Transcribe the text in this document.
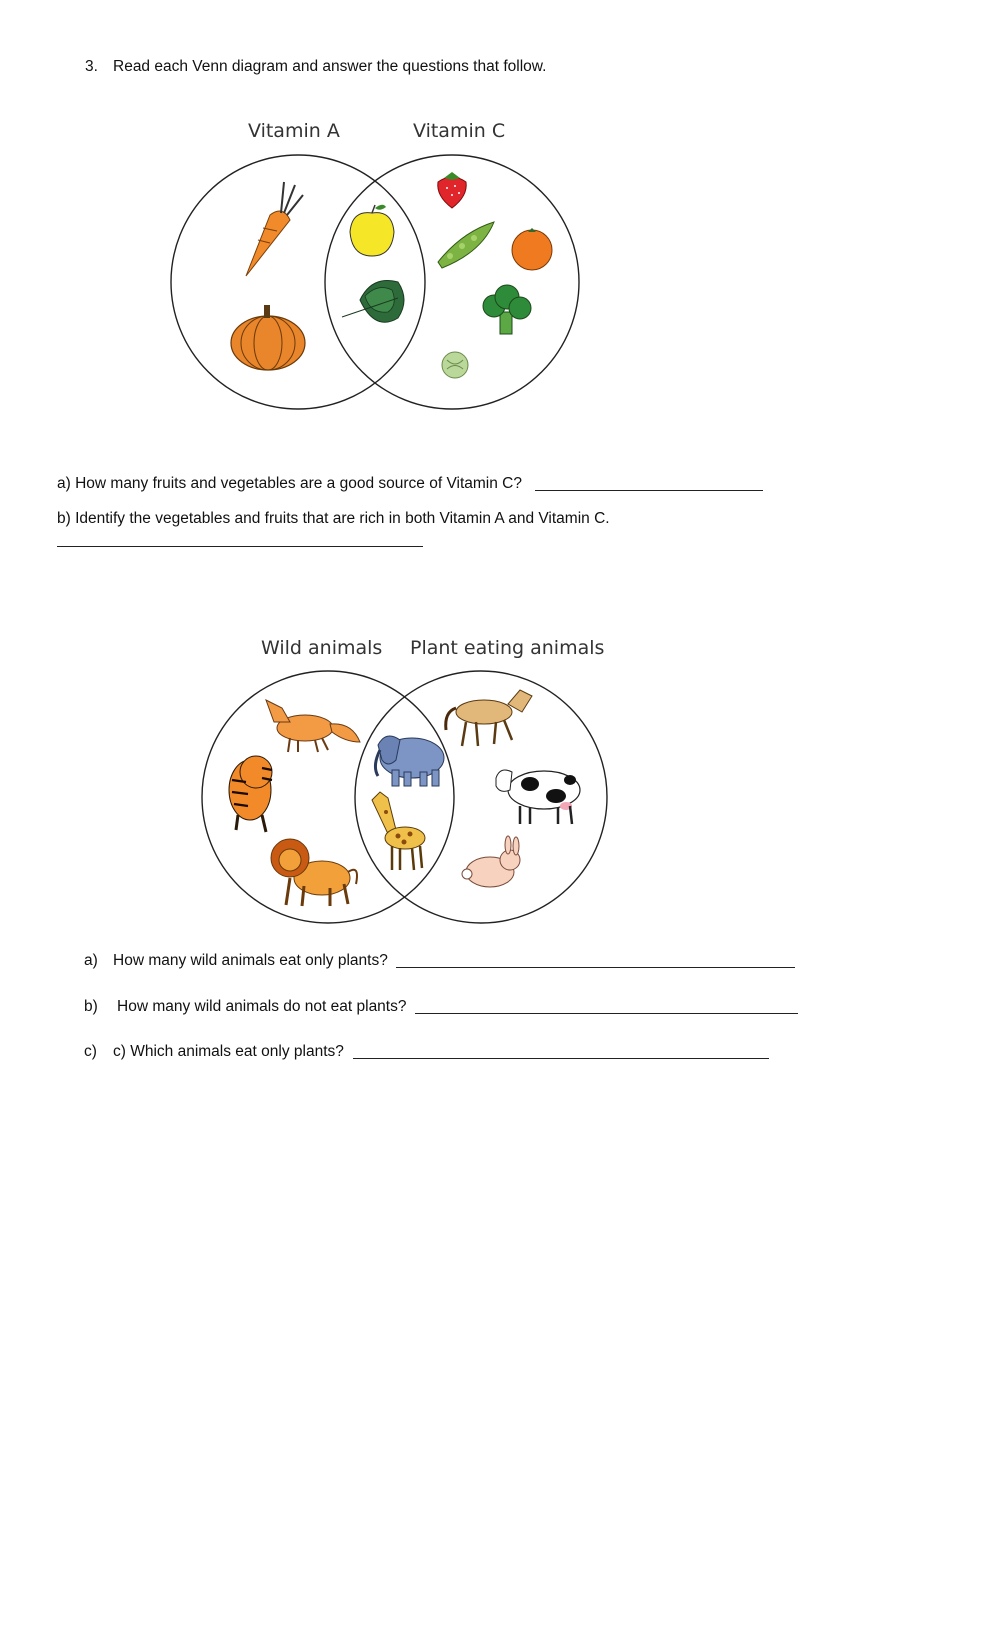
3. Read each Venn diagram and answer the questions that follow.
Vitamin A	Vitamin C
a) How many fruits and vegetables are a good source of Vitamin C?
b) Identify the vegetables and fruits that are rich in both Vitamin A and Vitamin C.
Wild animals Plant eating animals
a) How many wild animals eat only plants?
b) How many wild animals do not eat plants?
c) c) Which animals eat only plants?
